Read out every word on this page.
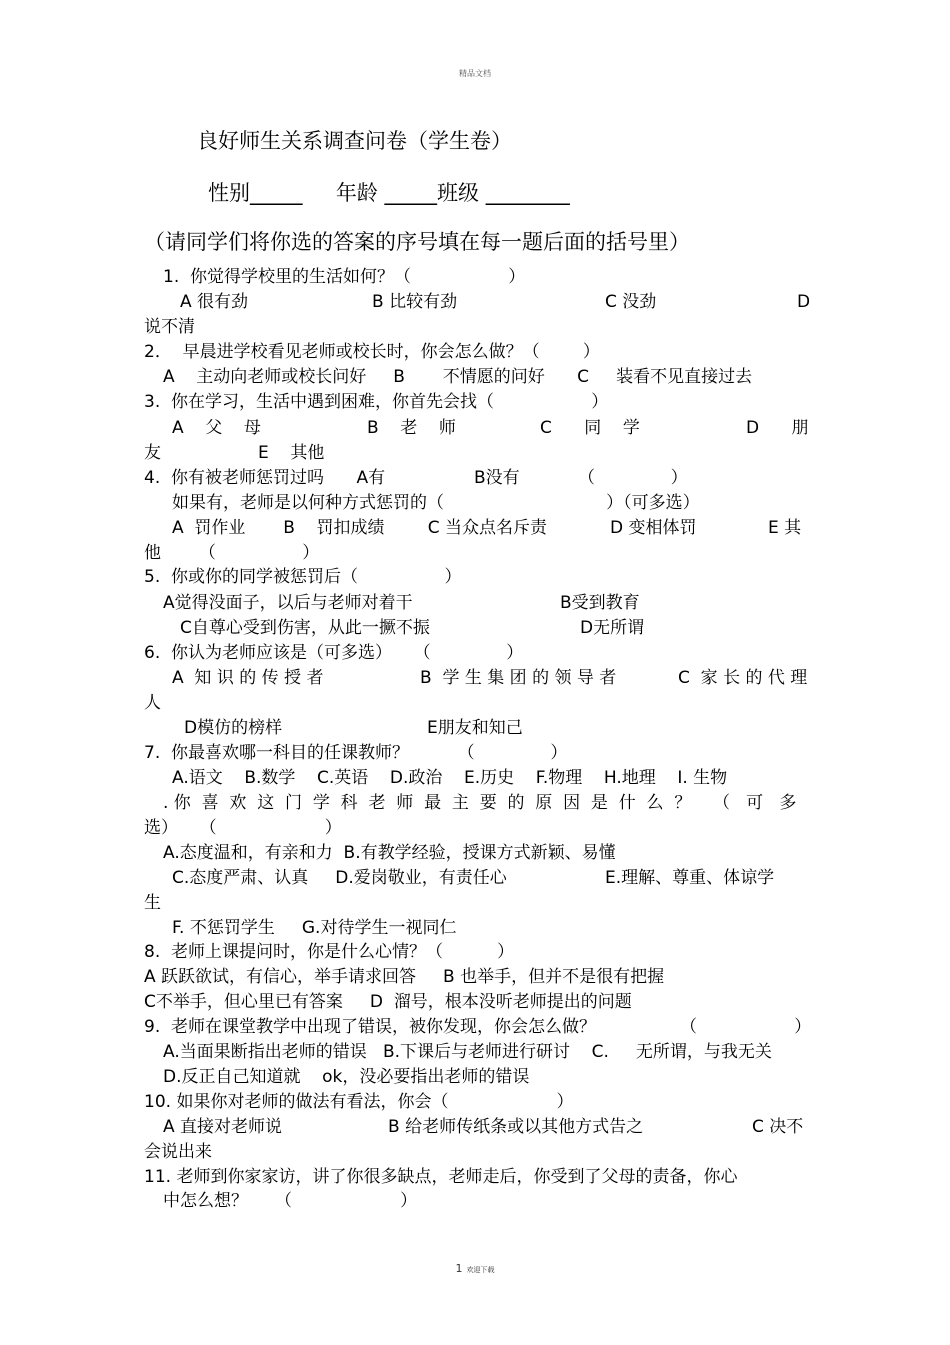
精品文档
良好师生关系调查问卷（学生卷）
性别_____     年龄 _____班级 ________
（请同学们将你选的答案的序号填在每一题后面的括号里）
1.  你觉得学校里的生活如何？（                  ）
A 很有劲	B 比较有劲	C 没劲	D
说不清
2．  早晨进学校看见老师或校长时，你会怎么做？（        ）
A    主动向老师或校长问好     B       不情愿的问好      C     装看不见直接过去
3.  你在学习，生活中遇到困难，你首先会找（                  ）
A    父    母	B    老    师	C      同    学	D      朋
友	E    其他
4.  你有被老师惩罚过吗      A有	B没有	（              ）
如果有，老师是以何种方式惩罚的（                              ）（可多选）
A  罚作业       B    罚扣成绩        C 当众点名斥责	D 变相体罚	E 其
他       （                ）
5.  你或你的同学被惩罚后（                ）
A觉得没面子，以后与老师对着干	B受到教育
C自尊心受到伤害，从此一撅不振	D无所谓
6.  你认为老师应该是（可多选）    （              ）
A  知 识 的 传 授 者	B  学 生 集 团 的 领 导 者	C  家 长 的 代 理
人
D模仿的榜样	E朋友和知己
7.  你最喜欢哪一科目的任课教师？         （              ）
A.语文    B.数学    C.英语    D.政治    E.历史    F.物理    H.地理    I. 生物
. 你  喜  欢  这  门  学  科  老  师  最  主  要  的  原  因  是  什  么  ？    （   可   多
选）    （                    ）
A.态度温和，有亲和力  B.有教学经验，授课方式新颖、易懂
C.态度严肃、认真     D.爱岗敬业，有责任心	E.理解、尊重、体谅学
生
F. 不惩罚学生     G.对待学生一视同仁
8.  老师上课提问时，你是什么心情？（          ）
A 跃跃欲试，有信心，举手请求回答     B 也举手，但并不是很有把握
C不举手，但心里已有答案     D  溜号，根本没听老师提出的问题
9.  老师在课堂教学中出现了错误，被你发现，你会怎么做？	（                  ）
A.当面果断指出老师的错误   B.下课后与老师进行研讨    C.     无所谓，与我无关
D.反正自己知道就    ok，没必要指出老师的错误
10. 如果你对老师的做法有看法，你会（                    ）
A 直接对老师说	B 给老师传纸条或以其他方式告之	C 决不
会说出来
11. 老师到你家家访，讲了你很多缺点，老师走后，你受到了父母的责备，你心
中怎么想？     （                    ）
1 欢迎下载
